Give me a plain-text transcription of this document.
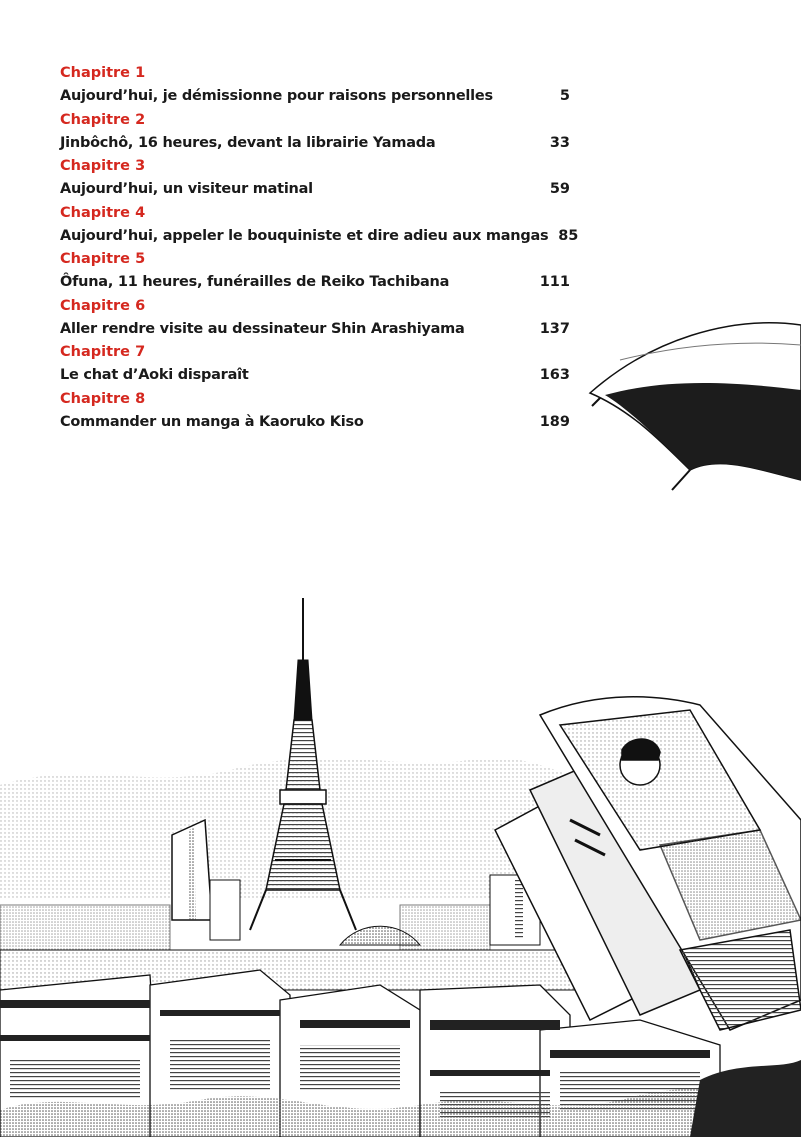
Chapitre 1
Aujourd’hui, je démissionne pour raisons personnelles	5
Chapitre 2
Jinbôchô, 16 heures, devant la librairie Yamada	33
Chapitre 3
Aujourd’hui, un visiteur matinal	59
Chapitre 4
Aujourd’hui, appeler le bouquiniste et dire adieu aux mangas 85
Chapitre 5
Ôfuna, 11 heures, funérailles de Reiko Tachibana	111
Chapitre 6
Aller rendre visite au dessinateur Shin Arashiyama	137
Chapitre 7
Le chat d’Aoki disparaît	163
Chapitre 8
Commander un manga à Kaoruko Kiso	189
